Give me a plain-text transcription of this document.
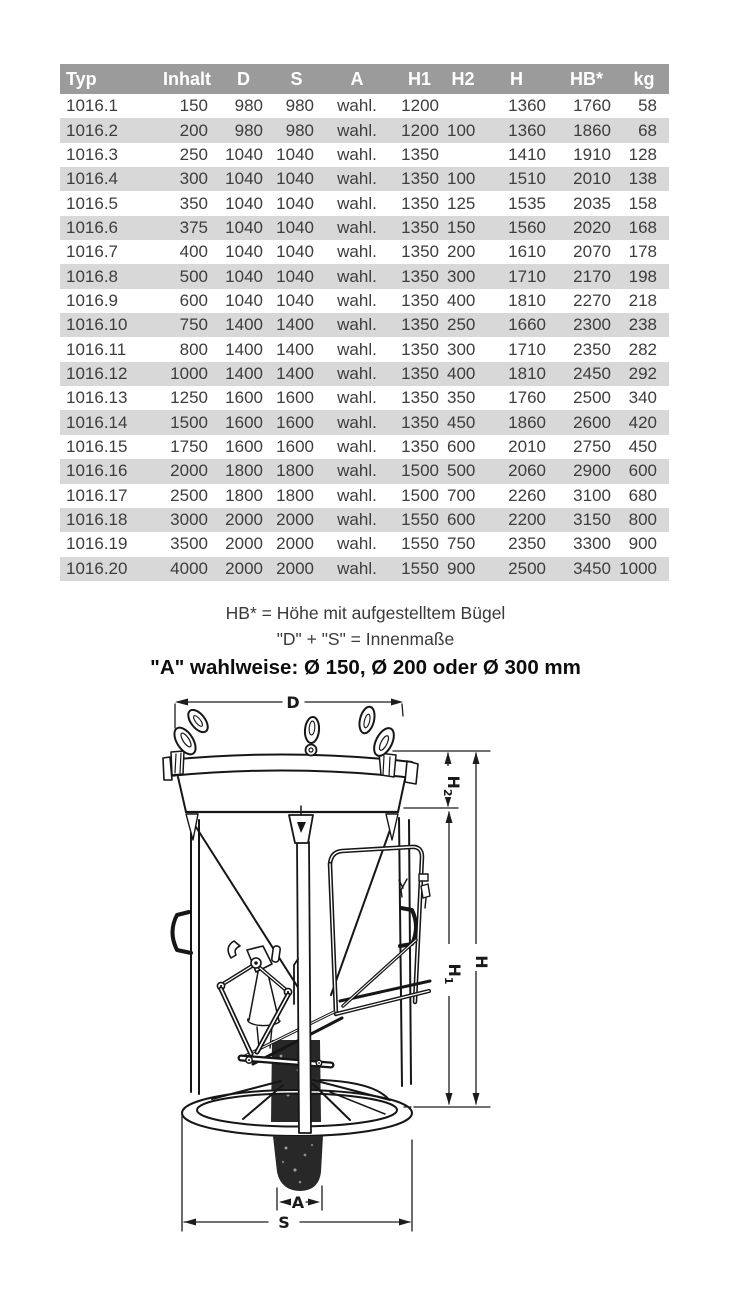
Typ	Inhalt	D	S	A	H1	H2	H	HB*	kg
1016.1	150	980	980	wahl.	1200		1360	1760	58
1016.2	200	980	980	wahl.	1200	100	1360	1860	68
1016.3	250	1040	1040	wahl.	1350		1410	1910	128
1016.4	300	1040	1040	wahl.	1350	100	1510	2010	138
1016.5	350	1040	1040	wahl.	1350	125	1535	2035	158
1016.6	375	1040	1040	wahl.	1350	150	1560	2020	168
1016.7	400	1040	1040	wahl.	1350	200	1610	2070	178
1016.8	500	1040	1040	wahl.	1350	300	1710	2170	198
1016.9	600	1040	1040	wahl.	1350	400	1810	2270	218
1016.10	750	1400	1400	wahl.	1350	250	1660	2300	238
1016.11	800	1400	1400	wahl.	1350	300	1710	2350	282
1016.12	1000	1400	1400	wahl.	1350	400	1810	2450	292
1016.13	1250	1600	1600	wahl.	1350	350	1760	2500	340
1016.14	1500	1600	1600	wahl.	1350	450	1860	2600	420
1016.15	1750	1600	1600	wahl.	1350	600	2010	2750	450
1016.16	2000	1800	1800	wahl.	1500	500	2060	2900	600
1016.17	2500	1800	1800	wahl.	1500	700	2260	3100	680
1016.18	3000	2000	2000	wahl.	1550	600	2200	3150	800
1016.19	3500	2000	2000	wahl.	1550	750	2350	3300	900
1016.20	4000	2000	2000	wahl.	1550	900	2500	3450	1000
HB* = Höhe mit aufgestelltem Bügel
"D" + "S" = Innenmaße
"A" wahlweise: Ø 150, Ø 200 oder Ø 300 mm
D
$H_2$
$H_1$
H
A
S
